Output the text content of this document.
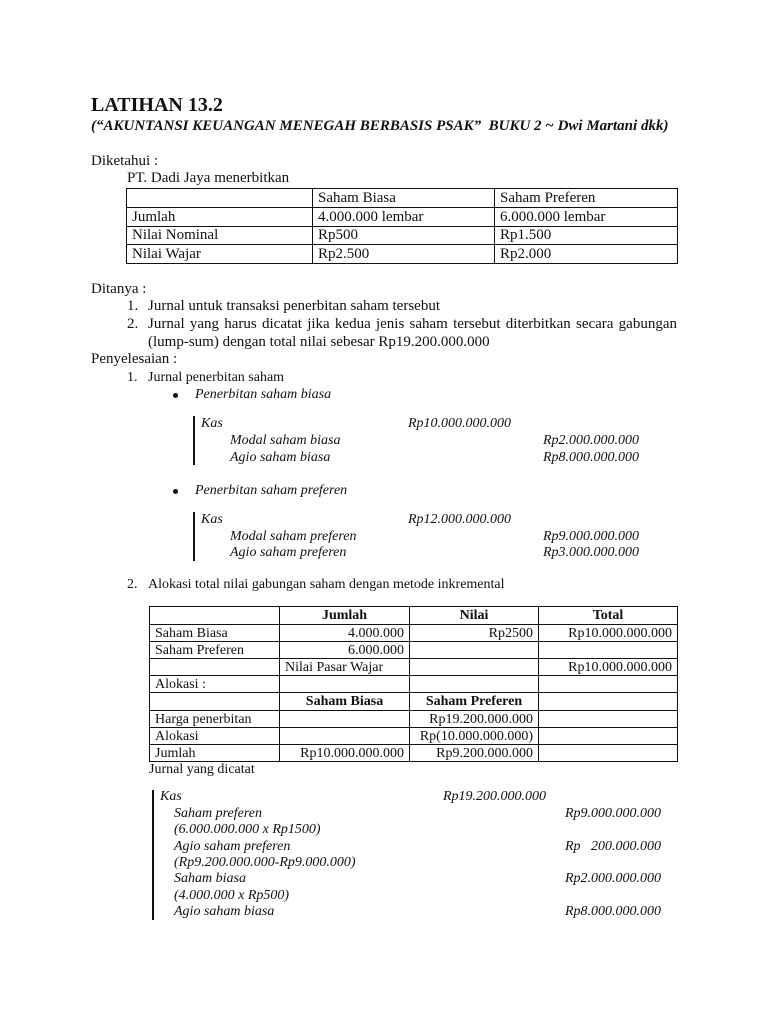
LATIHAN 13.2
(“AKUNTANSI KEUANGAN MENEGAH BERBASIS PSAK”  BUKU 2 ~ Dwi Martani dkk)
Diketahui :
PT. Dadi Jaya menerbitkan
	Saham Biasa	Saham Preferen
Jumlah	4.000.000 lembar	6.000.000 lembar
Nilai Nominal	Rp500	Rp1.500
Nilai Wajar	Rp2.500	Rp2.000
Ditanya :
1. Jurnal untuk transaksi penerbitan saham tersebut
2. Jurnal yang harus dicatat jika kedua jenis saham tersebut diterbitkan secara gabungan
(lump-sum) dengan total nilai sebesar Rp19.200.000.000
Penyelesaian :
1. Jurnal penerbitan saham
Penerbitan saham biasa
Kas	Rp10.000.000.000
Modal saham biasa	Rp2.000.000.000
Agio saham biasa	Rp8.000.000.000
Penerbitan saham preferen
Kas	Rp12.000.000.000
Modal saham preferen	Rp9.000.000.000
Agio saham preferen	Rp3.000.000.000
2. Alokasi total nilai gabungan saham dengan metode inkremental
	Jumlah	Nilai	Total
Saham Biasa	4.000.000	Rp2500	Rp10.000.000.000
Saham Preferen	6.000.000		
	Nilai Pasar Wajar		Rp10.000.000.000
Alokasi :			
	Saham Biasa	Saham Preferen	
Harga penerbitan		Rp19.200.000.000	
Alokasi		Rp(10.000.000.000)	
Jumlah	Rp10.000.000.000	Rp9.200.000.000	
Jurnal yang dicatat
Kas	Rp19.200.000.000
Saham preferen	Rp9.000.000.000
(6.000.000.000 x Rp1500)
Agio saham preferen	Rp   200.000.000
(Rp9.200.000.000-Rp9.000.000)
Saham biasa	Rp2.000.000.000
(4.000.000 x Rp500)
Agio saham biasa	Rp8.000.000.000
